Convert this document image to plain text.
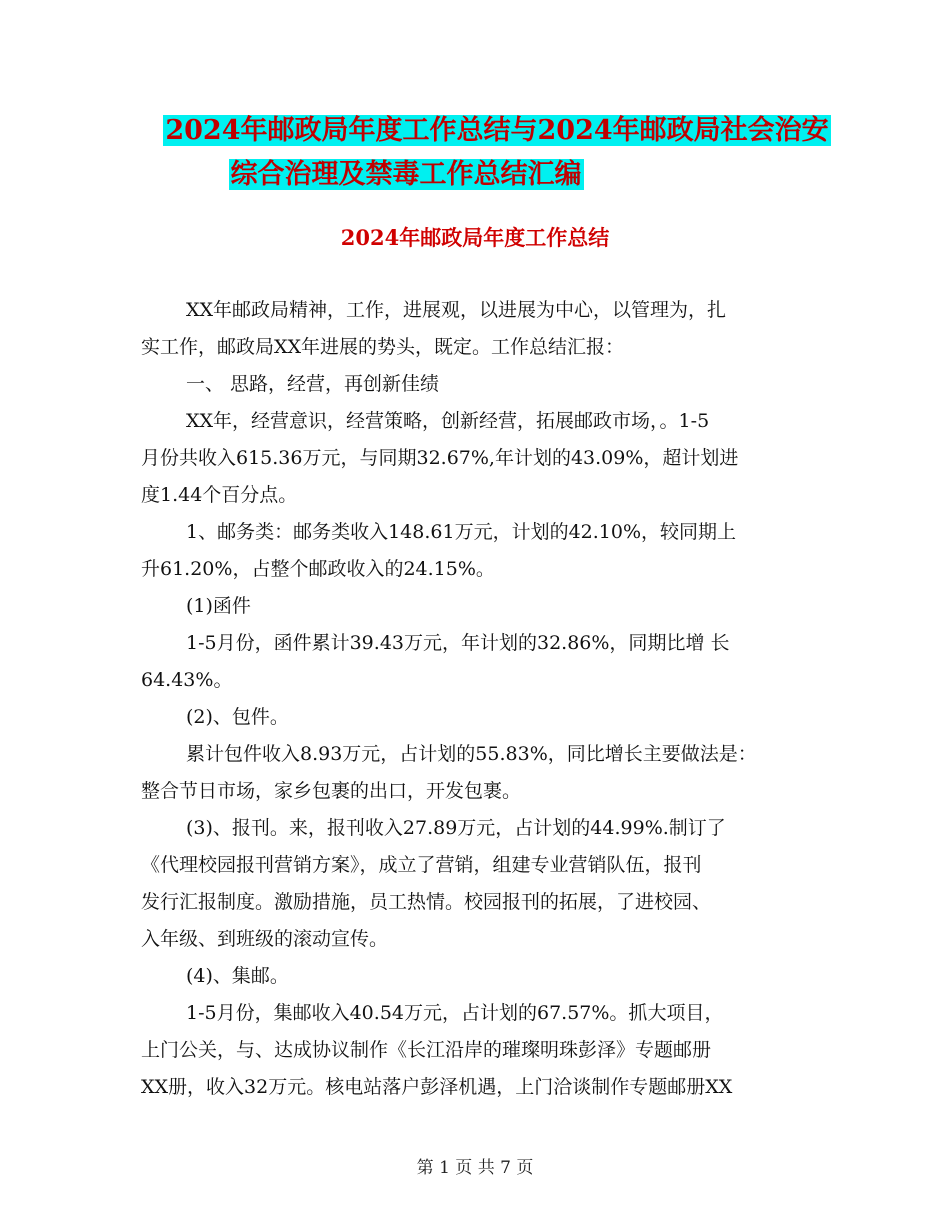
2024年邮政局年度工作总结与2024年邮政局社会治安
综合治理及禁毒工作总结汇编
2024年邮政局年度工作总结
XX年邮政局精神，工作，进展观，以进展为中心，以管理为，扎
实工作，邮政局XX年进展的势头，既定。工作总结汇报：
一、 思路，经营，再创新佳绩
XX年，经营意识，经营策略，创新经营，拓展邮政市场，。1-5
月份共收入615.36万元，与同期32.67%,年计划的43.09%，超计划进
度1.44个百分点。
1、邮务类：邮务类收入148.61万元，计划的42.10%，较同期上
升61.20%，占整个邮政收入的24.15%。
(1)函件
1-5月份，函件累计39.43万元，年计划的32.86%，同期比增 长
64.43%。
(2)、包件。
累计包件收入8.93万元，占计划的55.83%，同比增长主要做法是：
整合节日市场，家乡包裹的出口，开发包裹。
(3)、报刊。来，报刊收入27.89万元，占计划的44.99%.制订了
《代理校园报刊营销方案》，成立了营销，组建专业营销队伍，报刊
发行汇报制度。激励措施，员工热情。校园报刊的拓展，了进校园、
入年级、到班级的滚动宣传。
(4)、集邮。
1-5月份，集邮收入40.54万元，占计划的67.57%。抓大项目，
上门公关，与、达成协议制作《长江沿岸的璀璨明珠彭泽》专题邮册
XX册，收入32万元。核电站落户彭泽机遇，上门洽谈制作专题邮册XX
第 1 页 共 7 页
